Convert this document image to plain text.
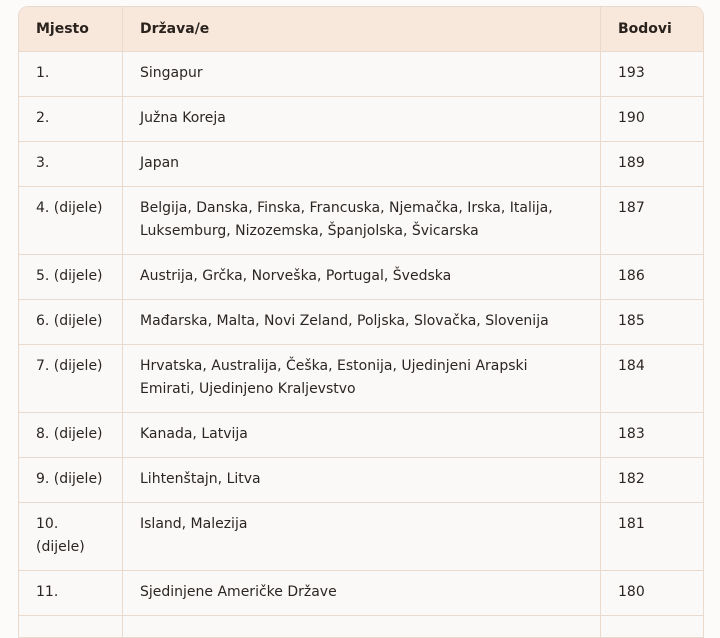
Mjesto	Država/e	Bodovi
1.	Singapur	193
2.	Južna Koreja	190
3.	Japan	189
4. (dijele)	Belgija, Danska, Finska, Francuska, Njemačka, Irska, Italija, Luksemburg, Nizozemska, Španjolska, Švicarska	187
5. (dijele)	Austrija, Grčka, Norveška, Portugal, Švedska	186
6. (dijele)	Mađarska, Malta, Novi Zeland, Poljska, Slovačka, Slovenija	185
7. (dijele)	Hrvatska, Australija, Češka, Estonija, Ujedinjeni Arapski Emirati, Ujedinjeno Kraljevstvo	184
8. (dijele)	Kanada, Latvija	183
9. (dijele)	Lihtenštajn, Litva	182
10. (dijele)	Island, Malezija	181
11.	Sjedinjene Američke Države	180
